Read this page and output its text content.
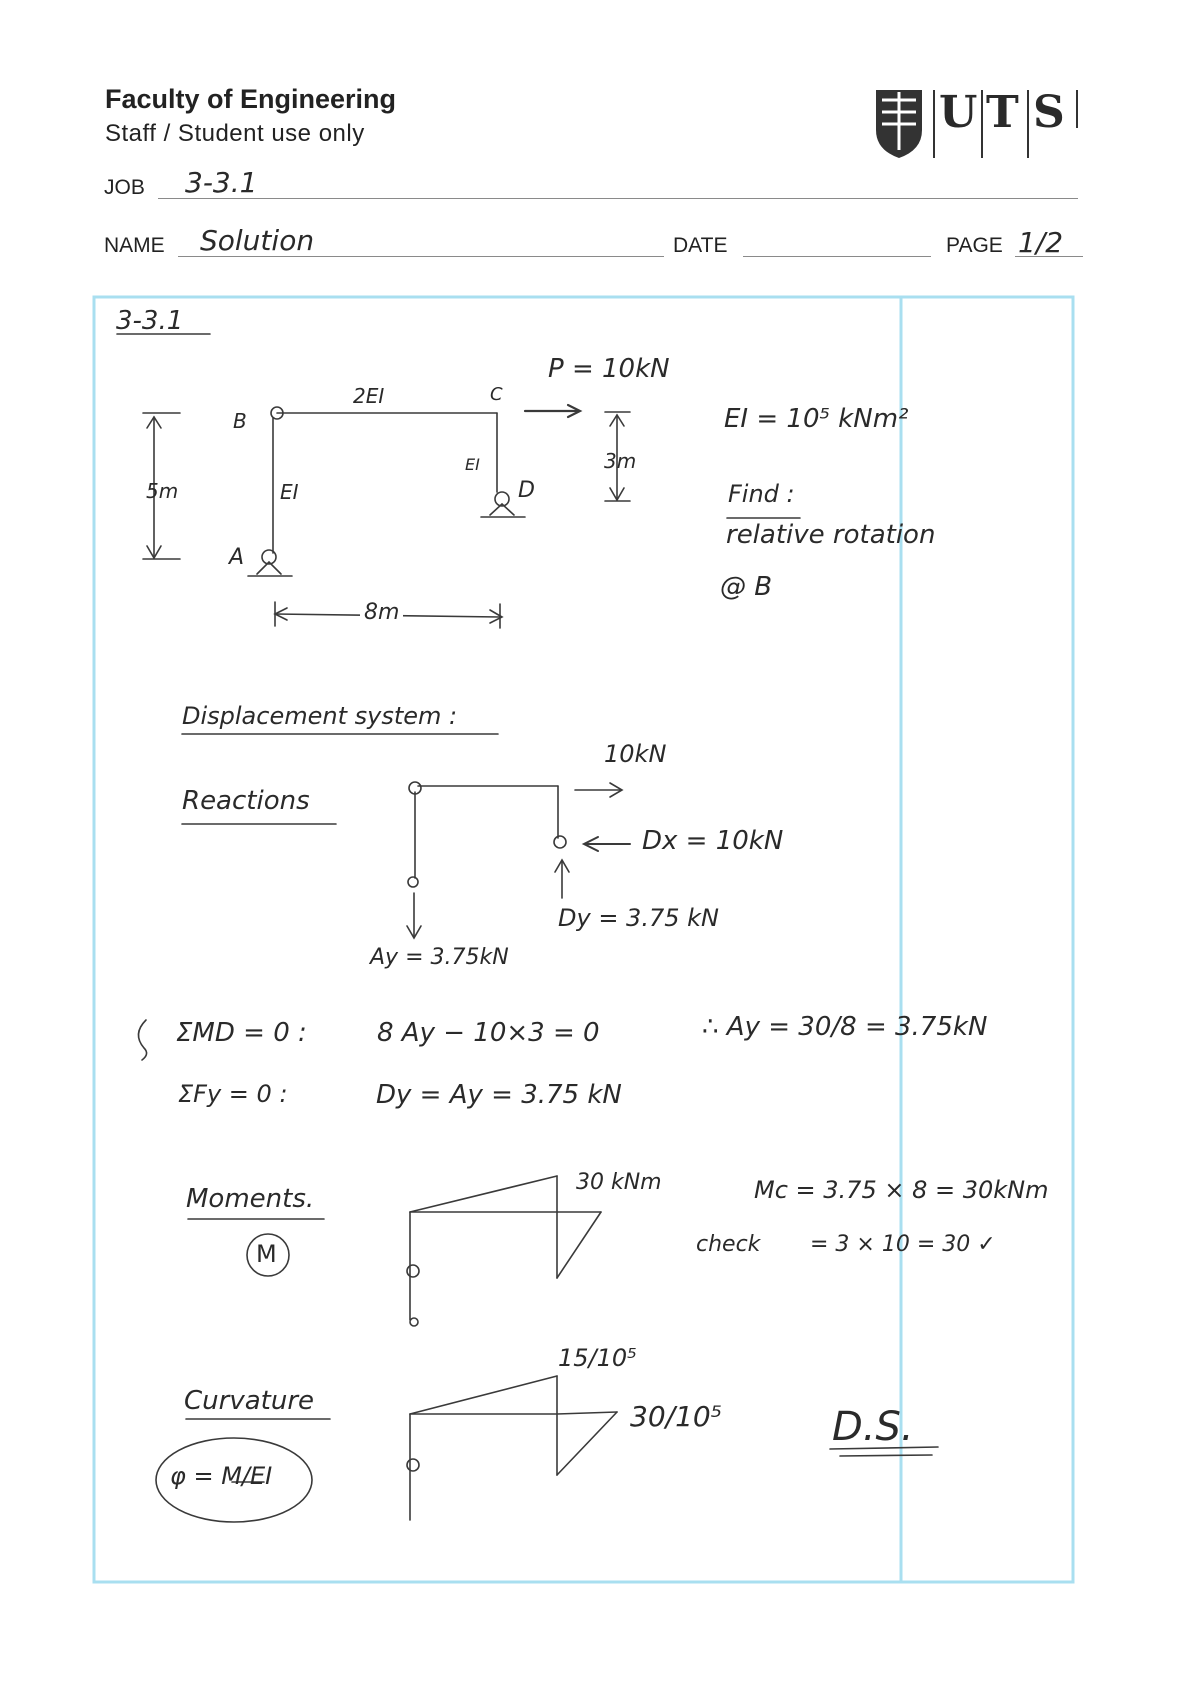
Faculty of Engineering
Staff / Student use only
JOB 3-3.1
NAME Solution	DATE	PAGE 1/2
U T S
3-3.1
B
C
A
D
2EI
EI
EI
5m
3m
8m
P = 10kN
EI = 10⁵ kNm²
Find :
relative rotation
@ B
Displacement system :
Reactions
10kN
Dx = 10kN
Dy = 3.75 kN
Ay = 3.75kN
ΣMD = 0 :	8 Ay − 10×3 = 0	∴ Ay = 30/8 = 3.75kN
ΣFy = 0 :	Dy = Ay = 3.75 kN
Moments.
M
30 kNm	Mc = 3.75 × 8 = 30kNm
check = 3 × 10 = 30 ✓
Curvature
φ = M/EI
15/10⁵
30/10⁵	D.S.
